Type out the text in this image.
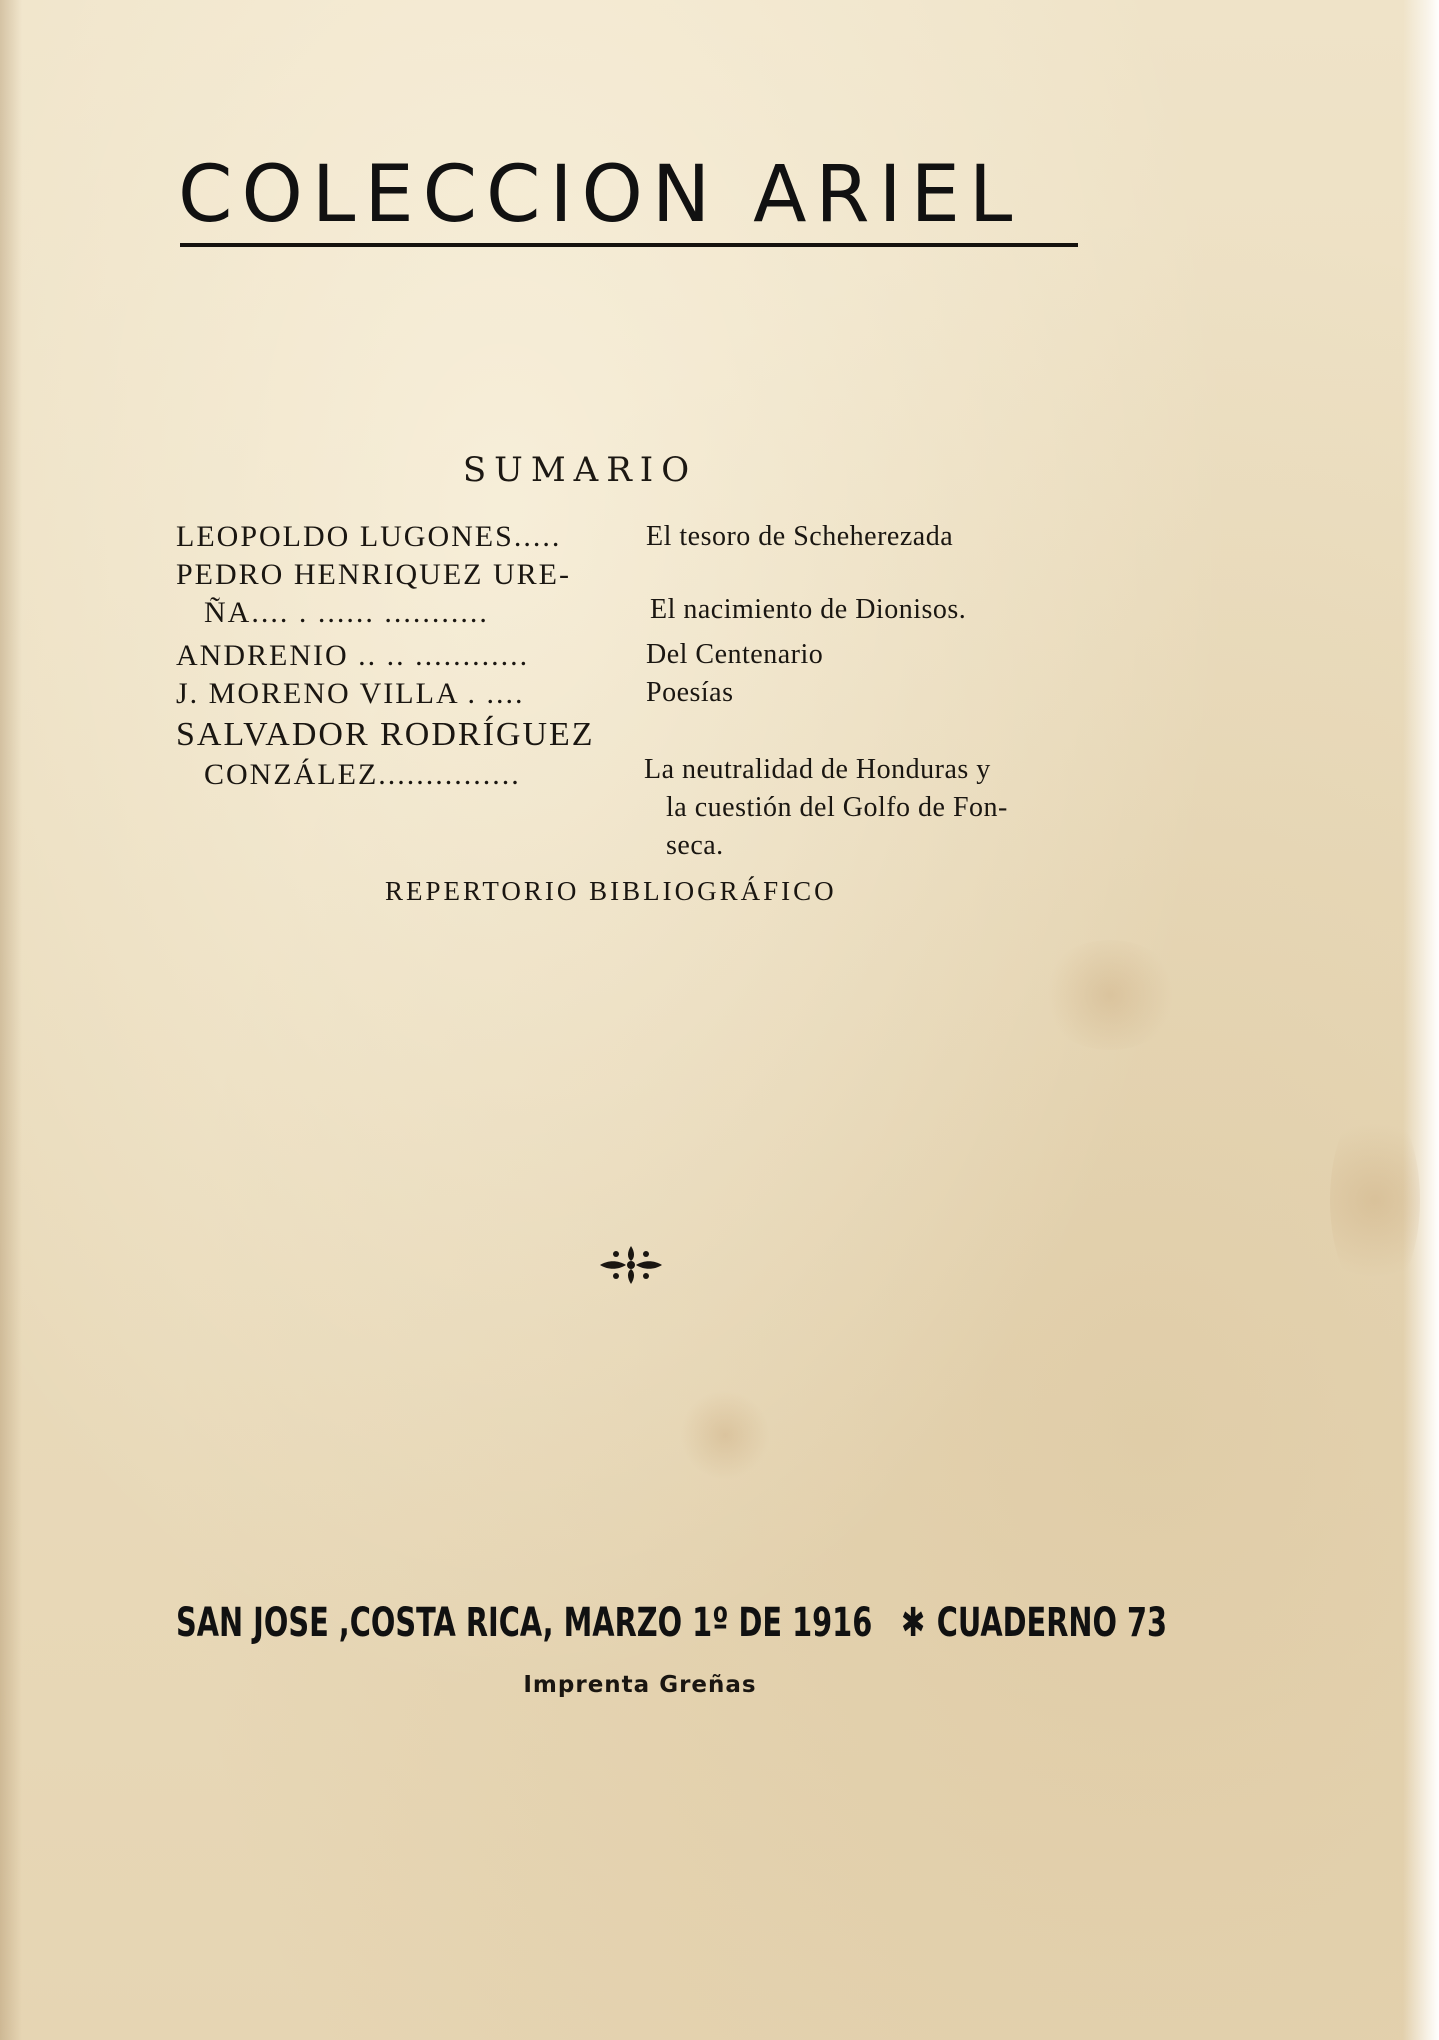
COLECCION ARIEL
SUMARIO
LEOPOLDO LUGONES.....	El tesoro de Scheherezada
PEDRO HENRIQUEZ URE-
ÑA.... . ...... ...........	El nacimiento de Dionisos.
ANDRENIO .. .. ............	Del Centenario
J. MORENO VILLA . ....	Poesías
SALVADOR RODRÍGUEZ
CONZÁLEZ...............	La neutralidad de Honduras y
la cuestión del Golfo de Fon-
seca.
REPERTORIO BIBLIOGRÁFICO
SAN JOSE ,COSTA RICA, MARZO 1º DE 1916 ✱ CUADERNO 73
Imprenta Greñas
